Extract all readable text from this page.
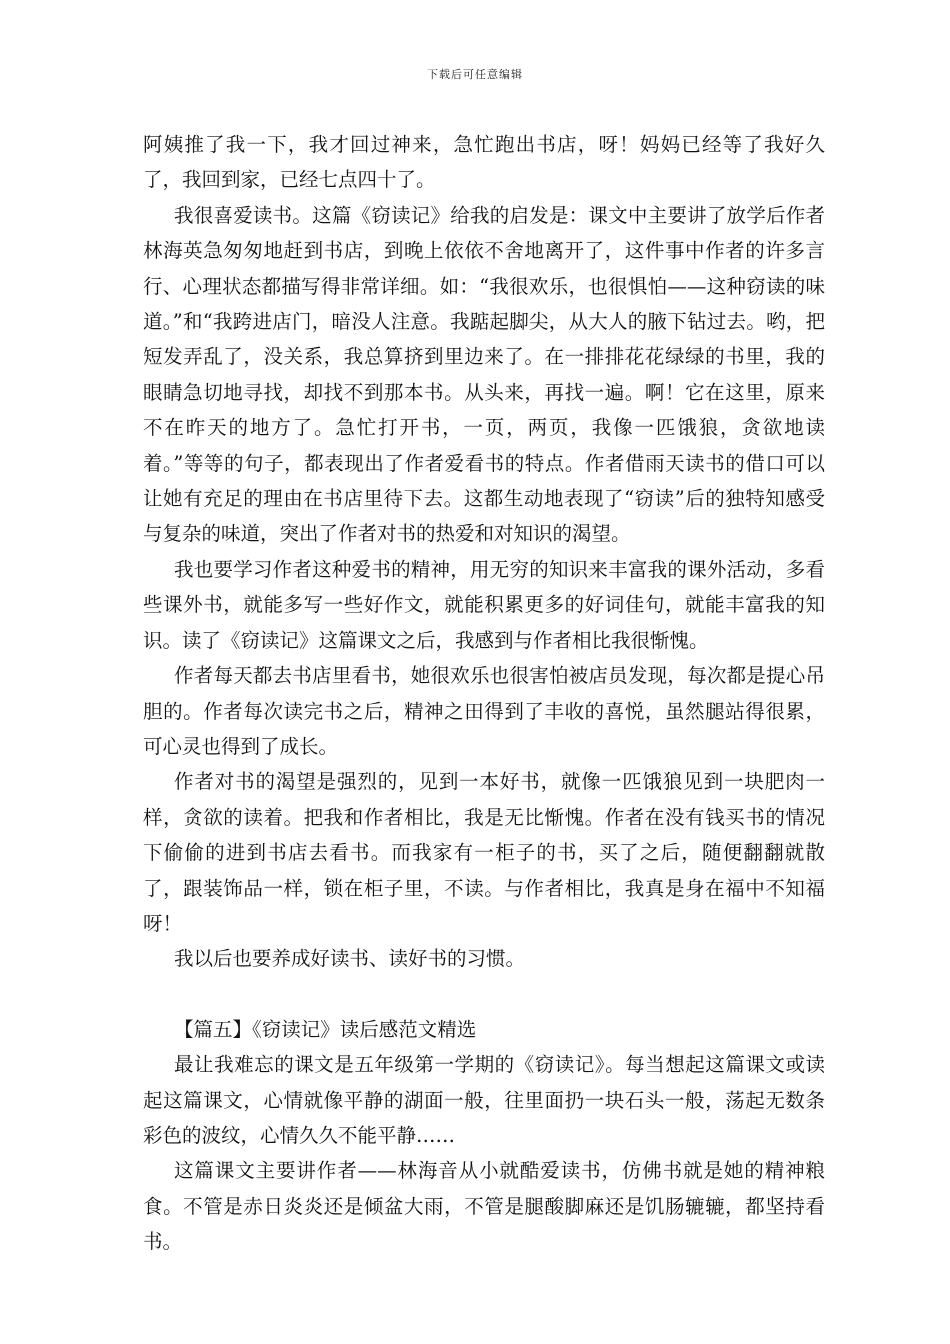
下载后可任意编辑

阿姨推了我一下，我才回过神来，急忙跑出书店，呀！妈妈已经等了我好久了，我回到家，已经七点四十了。

我很喜爱读书。这篇《窃读记》给我的启发是：课文中主要讲了放学后作者林海英急匆匆地赶到书店，到晚上依依不舍地离开了，这件事中作者的许多言行、心理状态都描写得非常详细。如：“我很欢乐，也很惧怕——这种窃读的味道。”和“我跨进店门，暗没人注意。我踮起脚尖，从大人的腋下钻过去。哟，把短发弄乱了，没关系，我总算挤到里边来了。在一排排花花绿绿的书里，我的眼睛急切地寻找，却找不到那本书。从头来，再找一遍。啊！它在这里，原来不在昨天的地方了。急忙打开书，一页，两页，我像一匹饿狼，贪欲地读着。”等等的句子，都表现出了作者爱看书的特点。作者借雨天读书的借口可以让她有充足的理由在书店里待下去。这都生动地表现了“窃读”后的独特知感受与复杂的味道，突出了作者对书的热爱和对知识的渴望。

我也要学习作者这种爱书的精神，用无穷的知识来丰富我的课外活动，多看些课外书，就能多写一些好作文，就能积累更多的好词佳句，就能丰富我的知识。读了《窃读记》这篇课文之后，我感到与作者相比我很惭愧。

作者每天都去书店里看书，她很欢乐也很害怕被店员发现，每次都是提心吊胆的。作者每次读完书之后，精神之田得到了丰收的喜悦，虽然腿站得很累，可心灵也得到了成长。

作者对书的渴望是强烈的，见到一本好书，就像一匹饿狼见到一块肥肉一样，贪欲的读着。把我和作者相比，我是无比惭愧。作者在没有钱买书的情况下偷偷的进到书店去看书。而我家有一柜子的书，买了之后，随便翻翻就散了，跟装饰品一样，锁在柜子里，不读。与作者相比，我真是身在福中不知福呀！

我以后也要养成好读书、读好书的习惯。

【篇五】《窃读记》读后感范文精选

最让我难忘的课文是五年级第一学期的《窃读记》。每当想起这篇课文或读起这篇课文，心情就像平静的湖面一般，往里面扔一块石头一般，荡起无数条彩色的波纹，心情久久不能平静……

这篇课文主要讲作者——林海音从小就酷爱读书，仿佛书就是她的精神粮食。不管是赤日炎炎还是倾盆大雨，不管是腿酸脚麻还是饥肠辘辘，都坚持看书。
